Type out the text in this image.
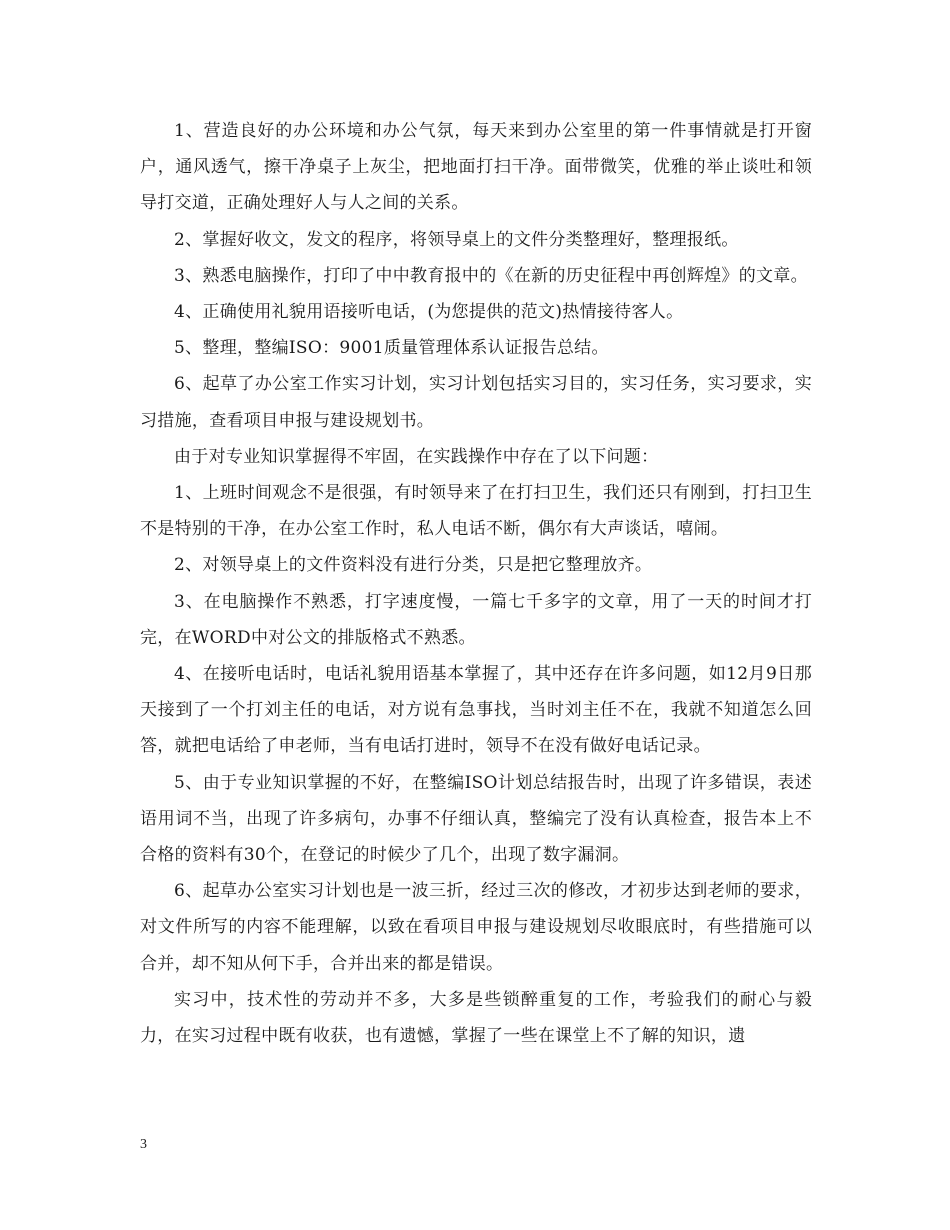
1、营造良好的办公环境和办公气氛，每天来到办公室里的第一件事情就是打开窗户，通风透气，擦干净桌子上灰尘，把地面打扫干净。面带微笑，优雅的举止谈吐和领导打交道，正确处理好人与人之间的关系。

2、掌握好收文，发文的程序，将领导桌上的文件分类整理好，整理报纸。

3、熟悉电脑操作，打印了中中教育报中的《在新的历史征程中再创辉煌》的文章。

4、正确使用礼貌用语接听电话，(为您提供的范文)热情接待客人。

5、整理，整编ISO：9001质量管理体系认证报告总结。

6、起草了办公室工作实习计划，实习计划包括实习目的，实习任务，实习要求，实习措施，查看项目申报与建设规划书。

由于对专业知识掌握得不牢固，在实践操作中存在了以下问题：

1、上班时间观念不是很强，有时领导来了在打扫卫生，我们还只有刚到，打扫卫生不是特别的干净，在办公室工作时，私人电话不断，偶尔有大声谈话，嘻闹。

2、对领导桌上的文件资料没有进行分类，只是把它整理放齐。

3、在电脑操作不熟悉，打字速度慢，一篇七千多字的文章，用了一天的时间才打完，在WORD中对公文的排版格式不熟悉。

4、在接听电话时，电话礼貌用语基本掌握了，其中还存在许多问题，如12月9日那天接到了一个打刘主任的电话，对方说有急事找，当时刘主任不在，我就不知道怎么回答，就把电话给了申老师，当有电话打进时，领导不在没有做好电话记录。

5、由于专业知识掌握的不好，在整编ISO计划总结报告时，出现了许多错误，表述语用词不当，出现了许多病句，办事不仔细认真，整编完了没有认真检查，报告本上不合格的资料有30个，在登记的时候少了几个，出现了数字漏洞。

6、起草办公室实习计划也是一波三折，经过三次的修改，才初步达到老师的要求，对文件所写的内容不能理解，以致在看项目申报与建设规划尽收眼底时，有些措施可以合并，却不知从何下手，合并出来的都是错误。

实习中，技术性的劳动并不多，大多是些锁醉重复的工作，考验我们的耐心与毅力，在实习过程中既有收获，也有遗憾，掌握了一些在课堂上不了解的知识，遗

3
